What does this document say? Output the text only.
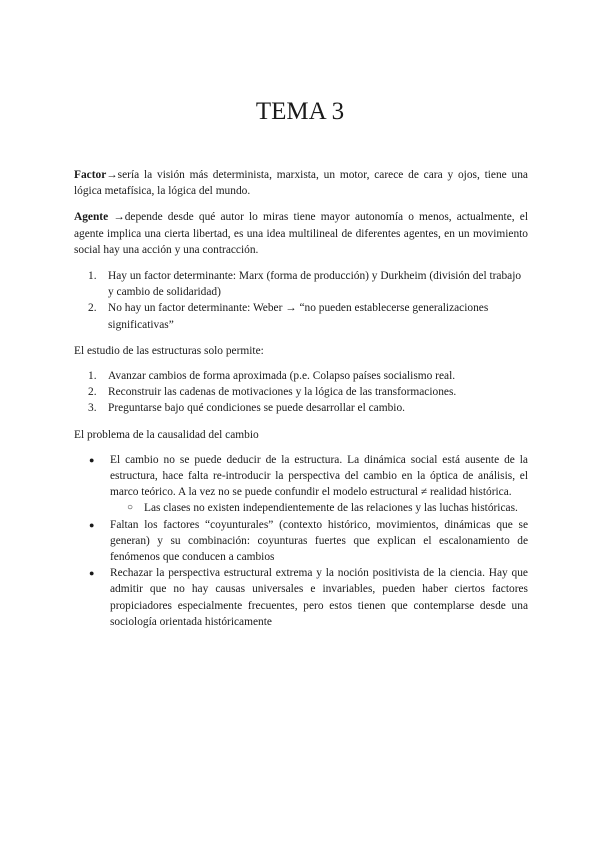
TEMA 3

Factor→sería la visión más determinista, marxista, un motor, carece de cara y ojos, tiene una lógica metafísica, la lógica del mundo.

Agente →depende desde qué autor lo miras tiene mayor autonomía o menos, actualmente, el agente implica una cierta libertad, es una idea multilineal de diferentes agentes, en un movimiento social hay una acción y una contracción.

1.	Hay un factor determinante: Marx (forma de producción) y Durkheim (división del trabajo y cambio de solidaridad)
2.	No hay un factor determinante: Weber → “no pueden establecerse generalizaciones significativas”

El estudio de las estructuras solo permite:

1.	Avanzar cambios de forma aproximada (p.e. Colapso países socialismo real.
2.	Reconstruir las cadenas de motivaciones y la lógica de las transformaciones.
3.	Preguntarse bajo qué condiciones se puede desarrollar el cambio.

El problema de la causalidad del cambio

●	El cambio no se puede deducir de la estructura. La dinámica social está ausente de la estructura, hace falta re-introducir la perspectiva del cambio en la óptica de análisis, el marco teórico. A la vez no se puede confundir el modelo estructural ≠ realidad histórica.
○ Las clases no existen independientemente de las relaciones y las luchas históricas.
●	Faltan los factores “coyunturales” (contexto histórico, movimientos, dinámicas que se generan) y su combinación: coyunturas fuertes que explican el escalonamiento de fenómenos que conducen a cambios
●	Rechazar la perspectiva estructural extrema y la noción positivista de la ciencia. Hay que admitir que no hay causas universales e invariables, pueden haber ciertos factores propiciadores especialmente frecuentes, pero estos tienen que contemplarse desde una sociología orientada históricamente
